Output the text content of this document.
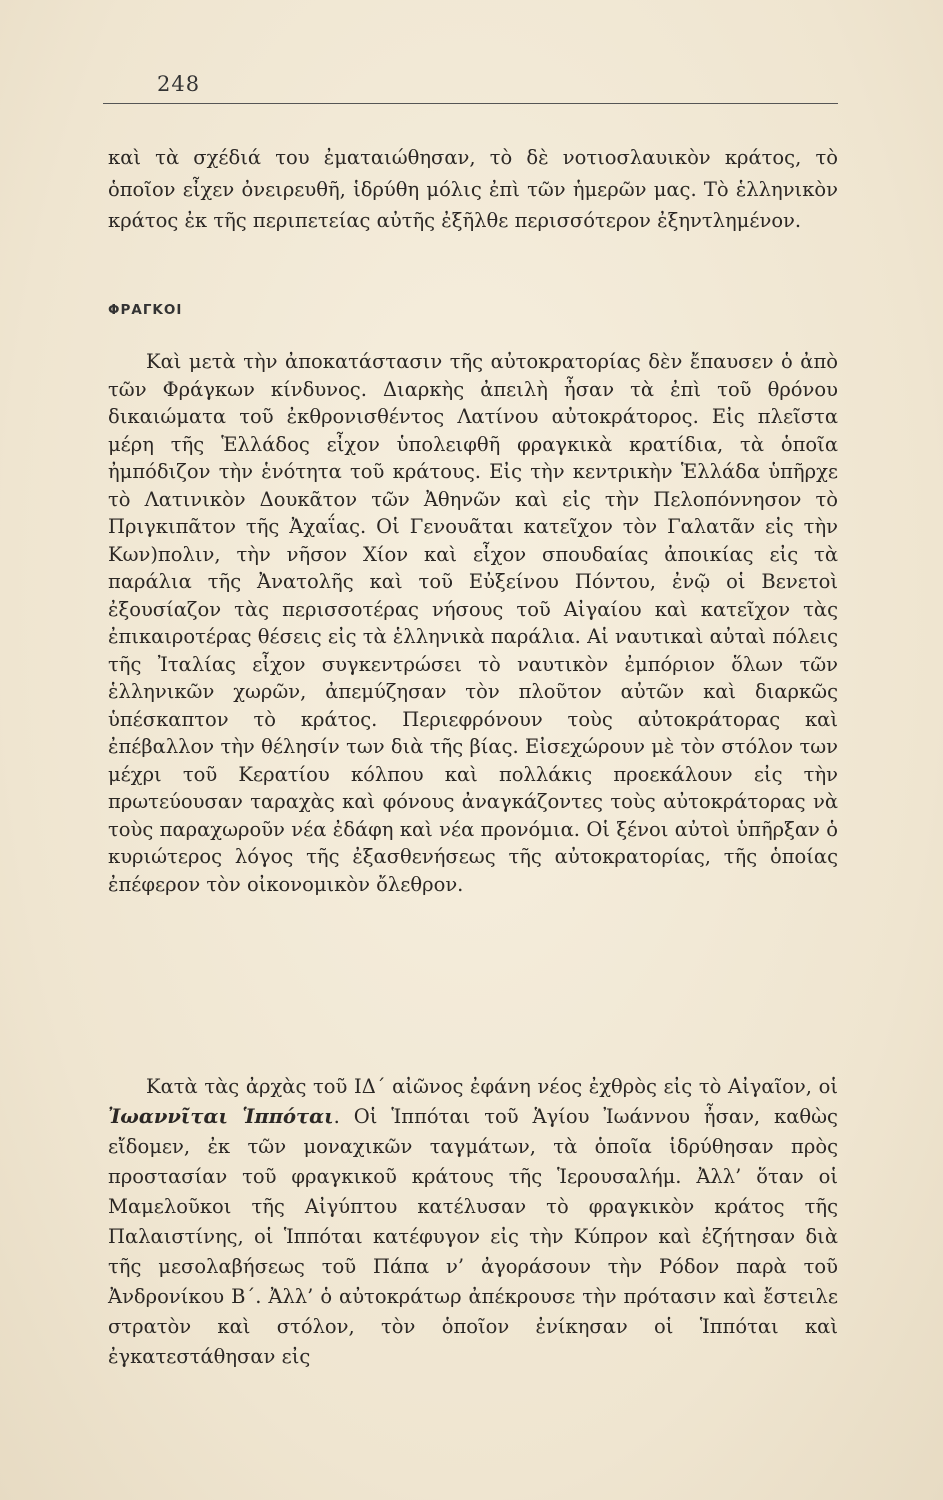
248

καὶ τὰ σχέδιά του ἐματαιώθησαν, τὸ δὲ νοτιοσλαυικὸν κράτος, τὸ ὁποῖον εἶχεν ὀνειρευθῆ, ἱδρύθη μόλις ἐπὶ τῶν ἡμερῶν μας. Τὸ ἑλληνικὸν κράτος ἐκ τῆς περιπετείας αὐτῆς ἐξῆλθε περισσότερον ἐξηντλημένον.

ΦΡΑΓΚΟΙ

Καὶ μετὰ τὴν ἀποκατάστασιν τῆς αὐτοκρατορίας δὲν ἔπαυσεν ὁ ἀπὸ τῶν Φράγκων κίνδυνος. Διαρκὴς ἀπειλὴ ἦσαν τὰ ἐπὶ τοῦ θρόνου δικαιώματα τοῦ ἐκθρονισθέντος Λατίνου αὐτοκράτορος. Εἰς πλεῖστα μέρη τῆς Ἑλλάδος εἶχον ὑπολειφθῆ φραγκικὰ κρατίδια, τὰ ὁποῖα ἠμπόδιζον τὴν ἑνότητα τοῦ κράτους. Εἰς τὴν κεντρικὴν Ἑλλάδα ὑπῆρχε τὸ Λατινικὸν Δουκᾶτον τῶν Ἀθηνῶν καὶ εἰς τὴν Πελοπόννησον τὸ Πριγκιπᾶτον τῆς Ἀχαΐας. Οἱ Γενουᾶται κατεῖχον τὸν Γαλατᾶν εἰς τὴν Κων)πολιν, τὴν νῆσον Χίον καὶ εἶχον σπουδαίας ἀποικίας εἰς τὰ παράλια τῆς Ἀνατολῆς καὶ τοῦ Εὐξείνου Πόντου, ἐνῷ οἱ Βενετοὶ ἐξουσίαζον τὰς περισσοτέρας νήσους τοῦ Αἰγαίου καὶ κατεῖχον τὰς ἐπικαιροτέρας θέσεις εἰς τὰ ἑλληνικὰ παράλια. Αἱ ναυτικαὶ αὐταὶ πόλεις τῆς Ἰταλίας εἶχον συγκεντρώσει τὸ ναυτικὸν ἐμπόριον ὅλων τῶν ἑλληνικῶν χωρῶν, ἀπεμύζησαν τὸν πλοῦτον αὐτῶν καὶ διαρκῶς ὑπέσκαπτον τὸ κράτος. Περιεφρόνουν τοὺς αὐτοκράτορας καὶ ἐπέβαλλον τὴν θέλησίν των διὰ τῆς βίας. Εἰσεχώρουν μὲ τὸν στόλον των μέχρι τοῦ Κερατίου κόλπου καὶ πολλάκις προεκάλουν εἰς τὴν πρωτεύουσαν ταραχὰς καὶ φόνους ἀναγκάζοντες τοὺς αὐτοκράτορας νὰ τοὺς παραχωροῦν νέα ἐδάφη καὶ νέα προνόμια. Οἱ ξένοι αὐτοὶ ὑπῆρξαν ὁ κυριώτερος λόγος τῆς ἐξασθενήσεως τῆς αὐτοκρατορίας, τῆς ὁποίας ἐπέφερον τὸν οἰκονομικὸν ὄλεθρον.

Κατὰ τὰς ἀρχὰς τοῦ ΙΔ΄ αἰῶνος ἐφάνη νέος ἐχθρὸς εἰς τὸ Αἰγαῖον, οἱ Ἰωαννῖται Ἱππόται. Οἱ Ἱππόται τοῦ Ἁγίου Ἰωάννου ἦσαν, καθὼς εἴδομεν, ἐκ τῶν μοναχικῶν ταγμάτων, τὰ ὁποῖα ἱδρύθησαν πρὸς προστασίαν τοῦ φραγκικοῦ κράτους τῆς Ἱερουσαλήμ. Ἀλλ’ ὅταν οἱ Μαμελοῦκοι τῆς Αἰγύπτου κατέλυσαν τὸ φραγκικὸν κράτος τῆς Παλαιστίνης, οἱ Ἱππόται κατέφυγον εἰς τὴν Κύπρον καὶ ἐζήτησαν διὰ τῆς μεσολαβήσεως τοῦ Πάπα ν’ ἀγοράσουν τὴν Ρόδον παρὰ τοῦ Ἀνδρονίκου Β΄. Ἀλλ’ ὁ αὐτοκράτωρ ἀπέκρουσε τὴν πρότασιν καὶ ἔστειλε στρατὸν καὶ στόλον, τὸν ὁποῖον ἐνίκησαν οἱ Ἱππόται καὶ ἐγκατεστάθησαν εἰς
